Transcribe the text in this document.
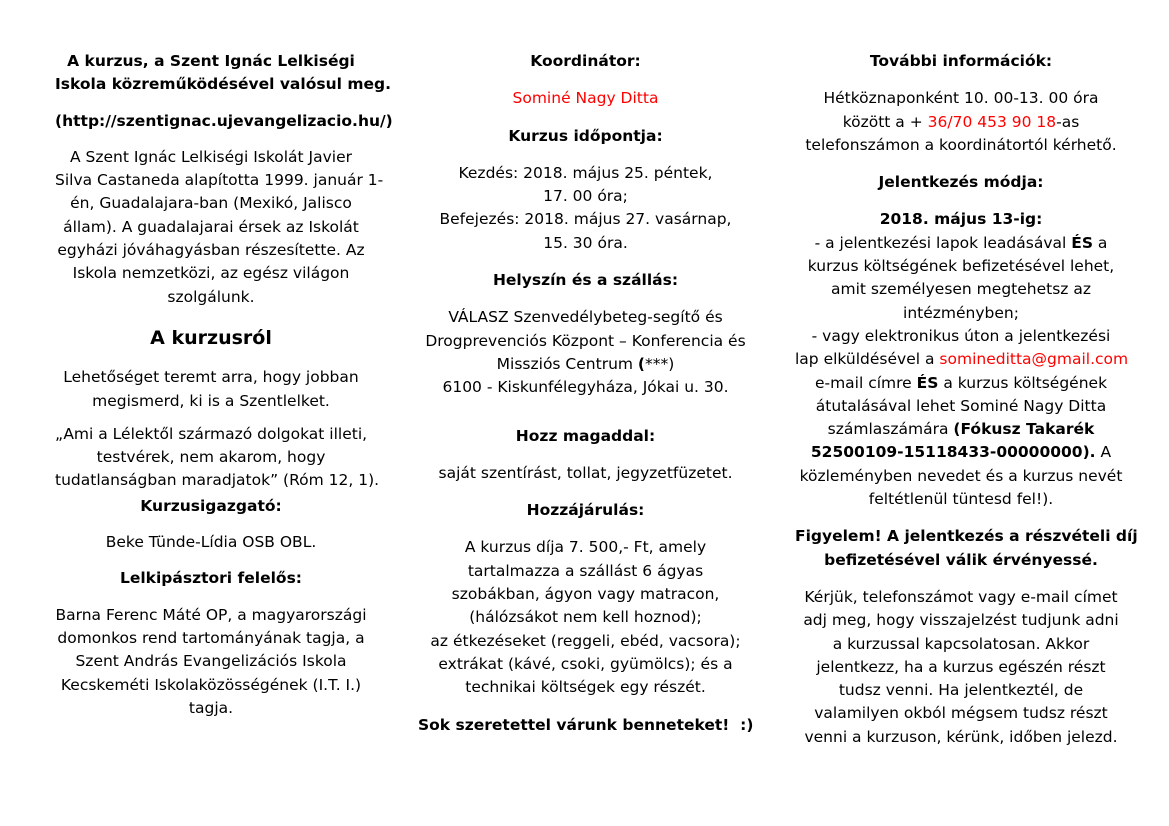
A kurzus, a Szent Ignác Lelkiségi
Iskola közreműködésével valósul meg.

(http://szentignac.ujevangelizacio.hu/)

A Szent Ignác Lelkiségi Iskolát Javier
Silva Castaneda alapította 1999. január 1-
én, Guadalajara-ban (Mexikó, Jalisco
állam). A guadalajarai érsek az Iskolát
egyházi jóváhagyásban részesítette. Az
Iskola nemzetközi, az egész világon
szolgálunk.

A kurzusról

Lehetőséget teremt arra, hogy jobban
megismerd, ki is a Szentlelket.

„Ami a Lélektől származó dolgokat illeti,
testvérek, nem akarom, hogy
tudatlanságban maradjatok” (Róm 12, 1).

Kurzusigazgató:

Beke Tünde-Lídia OSB OBL.

Lelkipásztori felelős:

Barna Ferenc Máté OP, a magyarországi
domonkos rend tartományának tagja, a
Szent András Evangelizációs Iskola
Kecskeméti Iskolaközösségének (I.T. I.)
tagja.

Koordinátor:

Sominé Nagy Ditta

Kurzus időpontja:

Kezdés: 2018. május 25. péntek,
17. 00 óra;
Befejezés: 2018. május 27. vasárnap,
15. 30 óra.

Helyszín és a szállás:

VÁLASZ Szenvedélybeteg-segítő és
Drogprevenciós Központ – Konferencia és
Missziós Centrum (***)
6100 - Kiskunfélegyháza, Jókai u. 30.

Hozz magaddal:

saját szentírást, tollat, jegyzetfüzetet.

Hozzájárulás:

A kurzus díja 7. 500,- Ft, amely
tartalmazza a szállást 6 ágyas
szobákban, ágyon vagy matracon,
(hálózsákot nem kell hoznod);
az étkezéseket (reggeli, ebéd, vacsora);
extrákat (kávé, csoki, gyümölcs); és a
technikai költségek egy részét.

Sok szeretettel várunk benneteket!  :)

További információk:

Hétköznaponként 10. 00-13. 00 óra
között a + 36/70 453 90 18-as
telefonszámon a koordinátortól kérhető.

Jelentkezés módja:

2018. május 13-ig:
- a jelentkezési lapok leadásával ÉS a
kurzus költségének befizetésével lehet,
amit személyesen megtehetsz az
intézményben;
- vagy elektronikus úton a jelentkezési
lap elküldésével a somineditta@gmail.com
e-mail címre ÉS a kurzus költségének
átutalásával lehet Sominé Nagy Ditta
számlaszámára (Fókusz Takarék
52500109-15118433-00000000). A
közleményben nevedet és a kurzus nevét
feltétlenül tüntesd fel!).

Figyelem! A jelentkezés a részvételi díj
befizetésével válik érvényessé.

Kérjük, telefonszámot vagy e-mail címet
adj meg, hogy visszajelzést tudjunk adni
a kurzussal kapcsolatosan. Akkor
jelentkezz, ha a kurzus egészén részt
tudsz venni. Ha jelentkeztél, de
valamilyen okból mégsem tudsz részt
venni a kurzuson, kérünk, időben jelezd.
